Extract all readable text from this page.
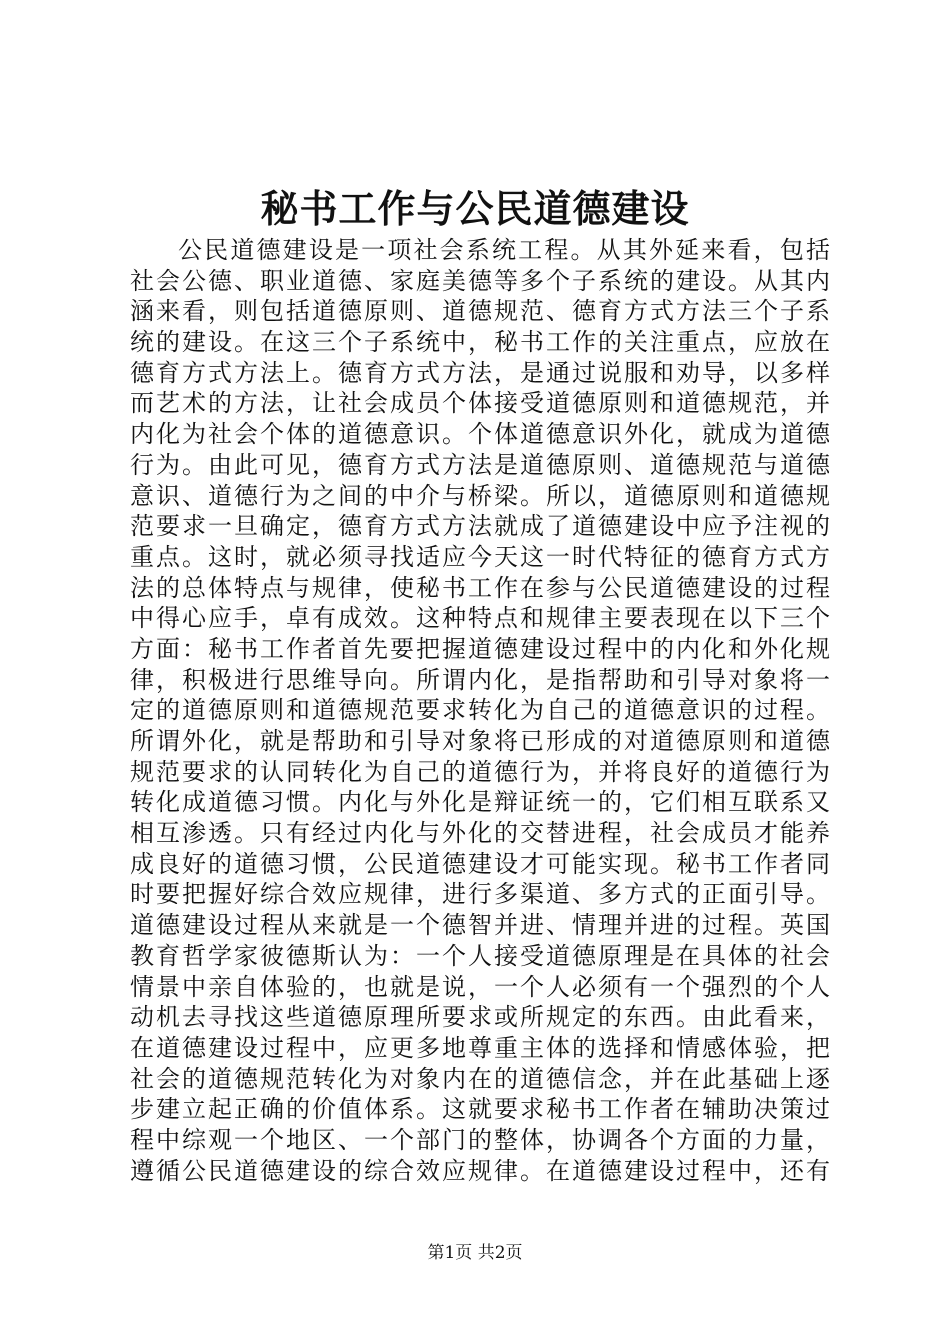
秘书工作与公民道德建设
公民道德建设是一项社会系统工程。从其外延来看，包括
社会公德、职业道德、家庭美德等多个子系统的建设。从其内
涵来看，则包括道德原则、道德规范、德育方式方法三个子系
统的建设。在这三个子系统中，秘书工作的关注重点，应放在
德育方式方法上。德育方式方法，是通过说服和劝导，以多样
而艺术的方法，让社会成员个体接受道德原则和道德规范，并
内化为社会个体的道德意识。个体道德意识外化，就成为道德
行为。由此可见，德育方式方法是道德原则、道德规范与道德
意识、道德行为之间的中介与桥梁。所以，道德原则和道德规
范要求一旦确定，德育方式方法就成了道德建设中应予注视的
重点。这时，就必须寻找适应今天这一时代特征的德育方式方
法的总体特点与规律，使秘书工作在参与公民道德建设的过程
中得心应手，卓有成效。这种特点和规律主要表现在以下三个
方面：秘书工作者首先要把握道德建设过程中的内化和外化规
律，积极进行思维导向。所谓内化，是指帮助和引导对象将一
定的道德原则和道德规范要求转化为自己的道德意识的过程。
所谓外化，就是帮助和引导对象将已形成的对道德原则和道德
规范要求的认同转化为自己的道德行为，并将良好的道德行为
转化成道德习惯。内化与外化是辩证统一的，它们相互联系又
相互渗透。只有经过内化与外化的交替进程，社会成员才能养
成良好的道德习惯，公民道德建设才可能实现。秘书工作者同
时要把握好综合效应规律，进行多渠道、多方式的正面引导。
道德建设过程从来就是一个德智并进、情理并进的过程。英国
教育哲学家彼德斯认为：一个人接受道德原理是在具体的社会
情景中亲自体验的，也就是说，一个人必须有一个强烈的个人
动机去寻找这些道德原理所要求或所规定的东西。由此看来，
在道德建设过程中，应更多地尊重主体的选择和情感体验，把
社会的道德规范转化为对象内在的道德信念，并在此基础上逐
步建立起正确的价值体系。这就要求秘书工作者在辅助决策过
程中综观一个地区、一个部门的整体，协调各个方面的力量，
遵循公民道德建设的综合效应规律。在道德建设过程中，还有
第1页 共2页
